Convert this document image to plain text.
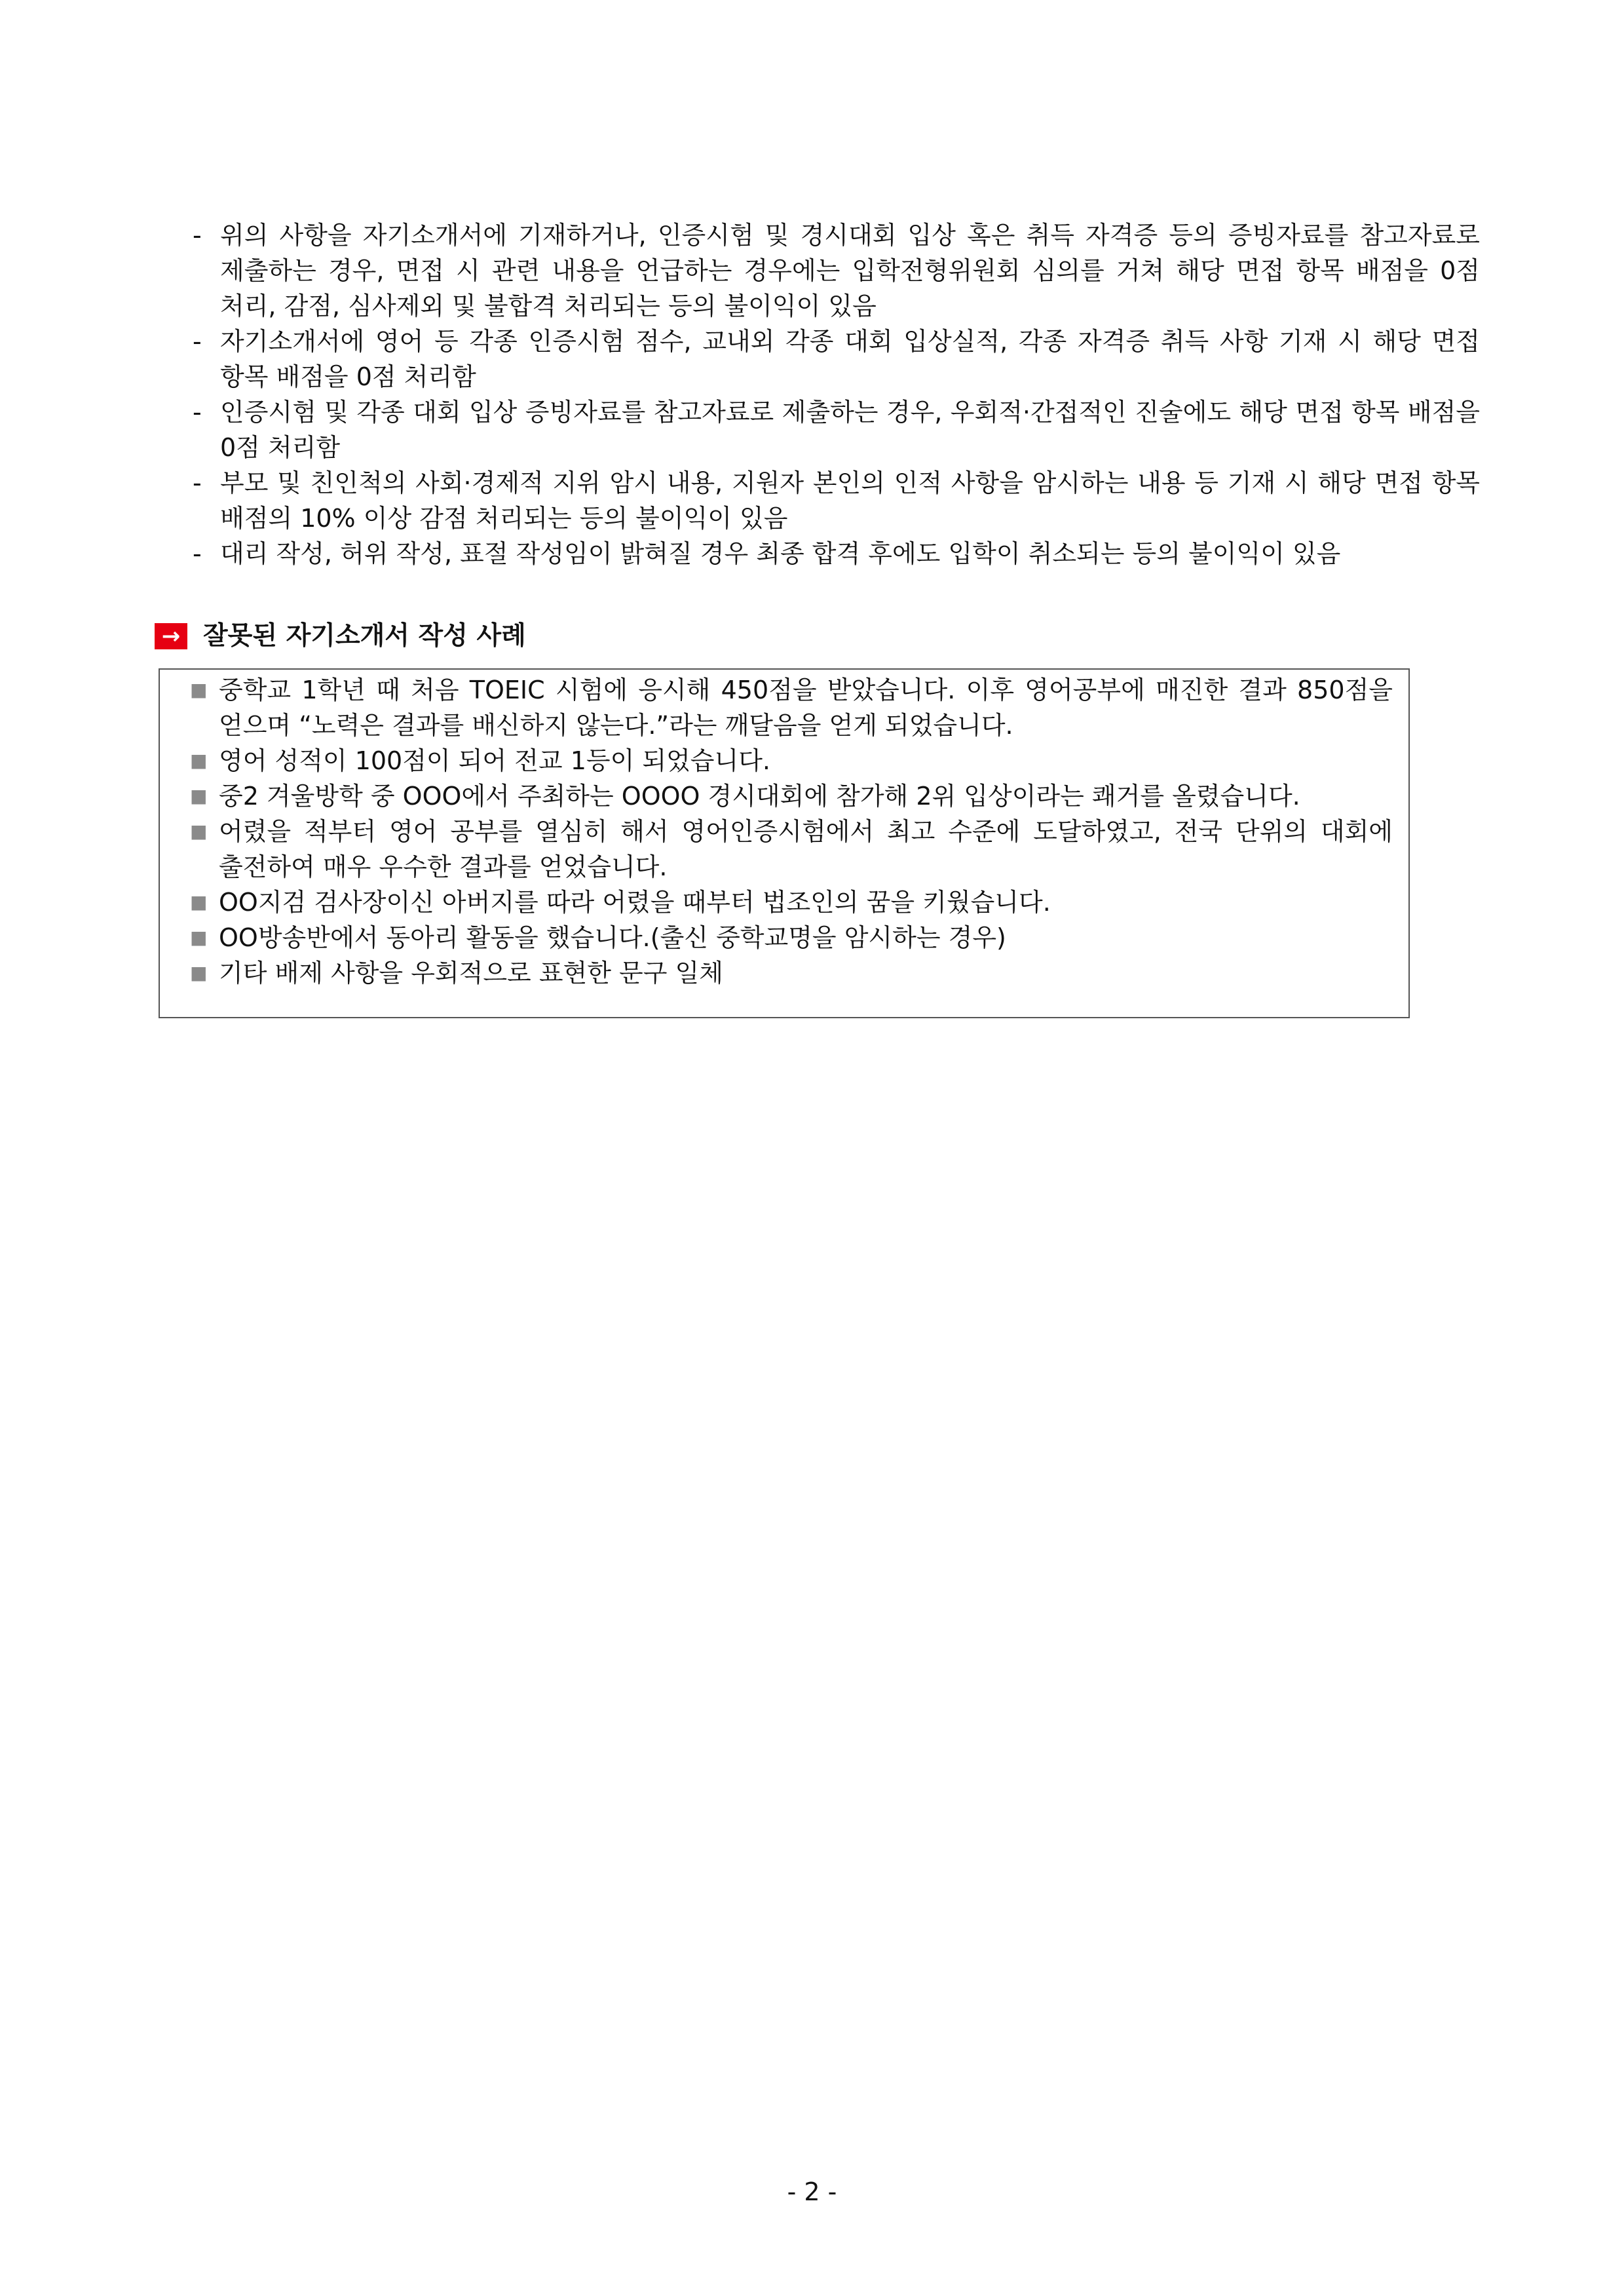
- 위의 사항을 자기소개서에 기재하거나, 인증시험 및 경시대회 입상 혹은 취득 자격증 등의 증빙자료를 참고자료로 제출하는 경우, 면접 시 관련 내용을 언급하는 경우에는 입학전형위원회 심의를 거쳐 해당 면접 항목 배점을 0점 처리, 감점, 심사제외 및 불합격 처리되는 등의 불이익이 있음
- 자기소개서에 영어 등 각종 인증시험 점수, 교내외 각종 대회 입상실적, 각종 자격증 취득 사항 기재 시 해당 면접 항목 배점을 0점 처리함
- 인증시험 및 각종 대회 입상 증빙자료를 참고자료로 제출하는 경우, 우회적·간접적인 진술에도 해당 면접 항목 배점을 0점 처리함
- 부모 및 친인척의 사회·경제적 지위 암시 내용, 지원자 본인의 인적 사항을 암시하는 내용 등 기재 시 해당 면접 항목 배점의 10% 이상 감점 처리되는 등의 불이익이 있음
- 대리 작성, 허위 작성, 표절 작성임이 밝혀질 경우 최종 합격 후에도 입학이 취소되는 등의 불이익이 있음
→ 잘못된 자기소개서 작성 사례
■ 중학교 1학년 때 처음 TOEIC 시험에 응시해 450점을 받았습니다. 이후 영어공부에 매진한 결과 850점을 얻으며 “노력은 결과를 배신하지 않는다.”라는 깨달음을 얻게 되었습니다.
■ 영어 성적이 100점이 되어 전교 1등이 되었습니다.
■ 중2 겨울방학 중 OOO에서 주최하는 OOOO 경시대회에 참가해 2위 입상이라는 쾌거를 올렸습니다.
■ 어렸을 적부터 영어 공부를 열심히 해서 영어인증시험에서 최고 수준에 도달하였고, 전국 단위의 대회에 출전하여 매우 우수한 결과를 얻었습니다.
■ OO지검 검사장이신 아버지를 따라 어렸을 때부터 법조인의 꿈을 키웠습니다.
■ OO방송반에서 동아리 활동을 했습니다.(출신 중학교명을 암시하는 경우)
■ 기타 배제 사항을 우회적으로 표현한 문구 일체
- 2 -
